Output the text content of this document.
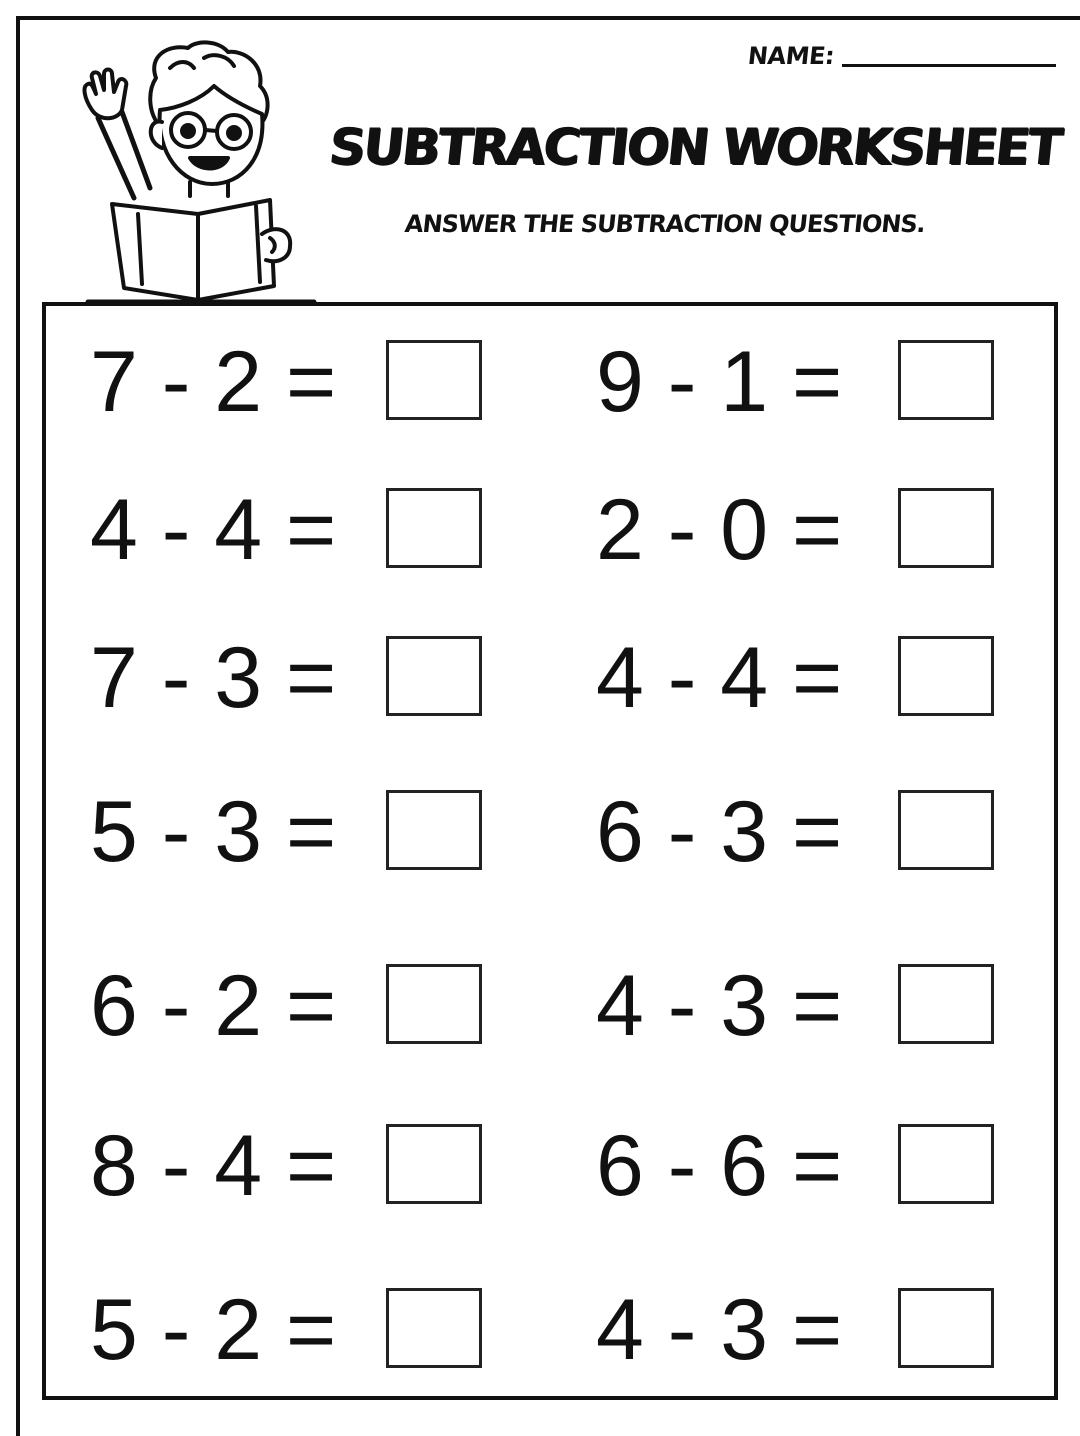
NAME:
SUBTRACTION WORKSHEET
ANSWER THE SUBTRACTION QUESTIONS.
7 - 2 =
4 - 4 =
7 - 3 =
5 - 3 =
6 - 2 =
8 - 4 =
5 - 2 =
9 - 1 =
2 - 0 =
4 - 4 =
6 - 3 =
4 - 3 =
6 - 6 =
4 - 3 =
